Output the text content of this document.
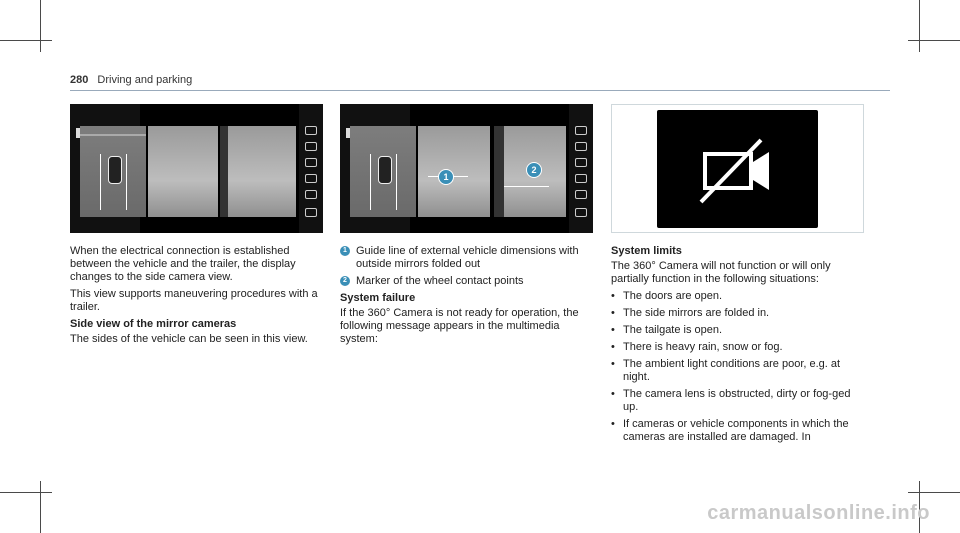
280 Driving and parking
1
2

When the electrical connection is established between the vehicle and the trailer, the display changes to the side camera view.

This view supports maneuvering procedures with a trailer.

Side view of the mirror cameras

The sides of the vehicle can be seen in this view.

1 Guide line of external vehicle dimensions with outside mirrors folded out
2 Marker of the wheel contact points
System failure

If the 360° Camera is not ready for operation, the following message appears in the multimedia system:

System limits

The 360° Camera will not function or will only partially function in the following situations:

• The doors are open.
• The side mirrors are folded in.
• The tailgate is open.
• There is heavy rain, snow or fog.
• The ambient light conditions are poor, e.g. at night.
• The camera lens is obstructed, dirty or fog-ged up.
• If cameras or vehicle components in which the cameras are installed are damaged. In
carmanualsonline.info
